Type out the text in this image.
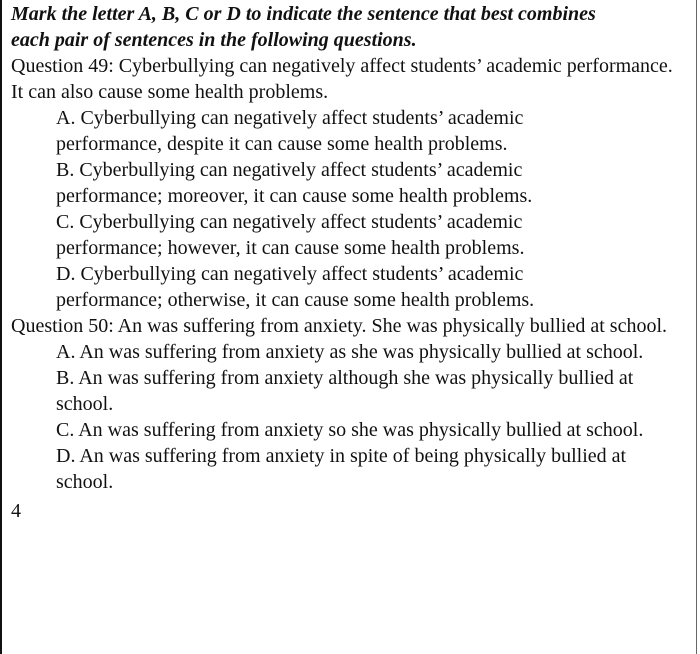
Mark the letter A, B, C or D to indicate the sentence that best combines each pair of sentences in the following questions.

Question 49: Cyberbullying can negatively affect students’ academic performance. It can also cause some health problems.

A. Cyberbullying can negatively affect students’ academic performance, despite it can cause some health problems.

B. Cyberbullying can negatively affect students’ academic performance; moreover, it can cause some health problems.

C. Cyberbullying can negatively affect students’ academic performance; however, it can cause some health problems.

D. Cyberbullying can negatively affect students’ academic performance; otherwise, it can cause some health problems.

Question 50: An was suffering from anxiety. She was physically bullied at school.

A. An was suffering from anxiety as she was physically bullied at school.

B. An was suffering from anxiety although she was physically bullied at school.

C. An was suffering from anxiety so she was physically bullied at school.

D. An was suffering from anxiety in spite of being physically bullied at school.

4
